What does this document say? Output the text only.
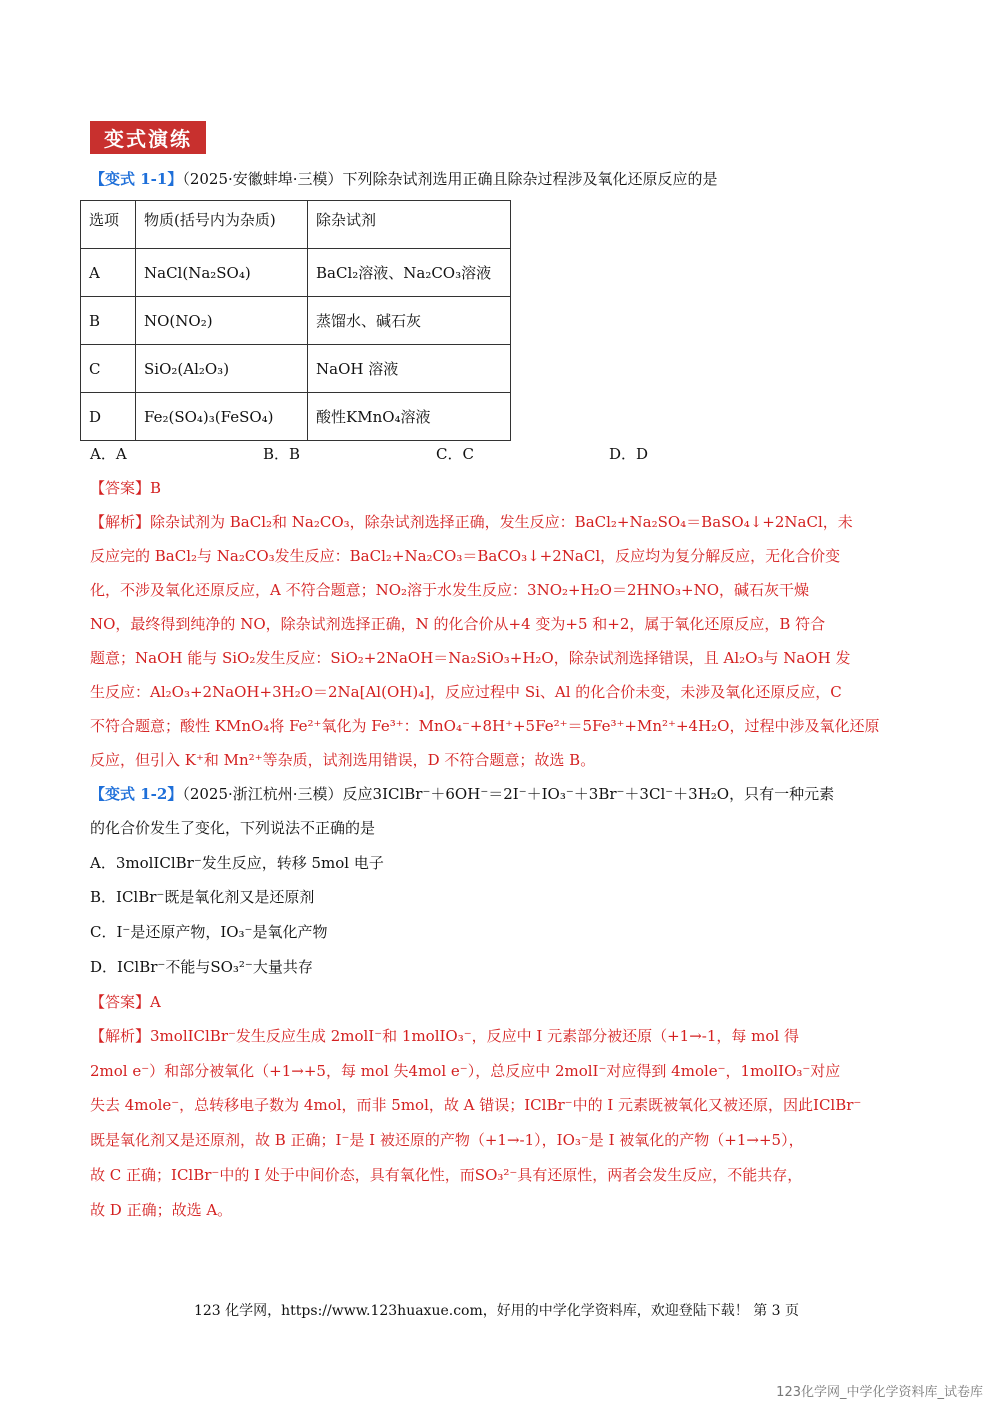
变式演练
【变式 1-1】（2025·安徽蚌埠·三模）下列除杂试剂选用正确且除杂过程涉及氧化还原反应的是
选项	物质(括号内为杂质)	除杂试剂
A	NaCl(Na₂SO₄)	BaCl₂溶液、Na₂CO₃溶液
B	NO(NO₂)	蒸馏水、碱石灰
C	SiO₂(Al₂O₃)	NaOH 溶液
D	Fe₂(SO₄)₃(FeSO₄)	酸性KMnO₄溶液
A．A	B．B	C．C	D．D
【答案】B
【解析】除杂试剂为 BaCl₂和 Na₂CO₃，除杂试剂选择正确，发生反应：BaCl₂+Na₂SO₄＝BaSO₄↓+2NaCl，未
反应完的 BaCl₂与 Na₂CO₃发生反应：BaCl₂+Na₂CO₃＝BaCO₃↓+2NaCl，反应均为复分解反应，无化合价变
化，不涉及氧化还原反应，A 不符合题意；NO₂溶于水发生反应：3NO₂+H₂O＝2HNO₃+NO，碱石灰干燥
NO，最终得到纯净的 NO，除杂试剂选择正确，N 的化合价从+4 变为+5 和+2，属于氧化还原反应，B 符合
题意；NaOH 能与 SiO₂发生反应：SiO₂+2NaOH＝Na₂SiO₃+H₂O，除杂试剂选择错误，且 Al₂O₃与 NaOH 发
生反应：Al₂O₃+2NaOH+3H₂O＝2Na[Al(OH)₄]，反应过程中 Si、Al 的化合价未变，未涉及氧化还原反应，C
不符合题意；酸性 KMnO₄将 Fe²⁺氧化为 Fe³⁺：MnO₄⁻+8H⁺+5Fe²⁺＝5Fe³⁺+Mn²⁺+4H₂O，过程中涉及氧化还原
反应，但引入 K⁺和 Mn²⁺等杂质，试剂选用错误，D 不符合题意；故选 B。
【变式 1-2】（2025·浙江杭州·三模）反应3IClBr⁻＋6OH⁻＝2I⁻＋IO₃⁻＋3Br⁻＋3Cl⁻＋3H₂O，只有一种元素
的化合价发生了变化，下列说法不正确的是
A．3molIClBr⁻发生反应，转移 5mol 电子
B．IClBr⁻既是氧化剂又是还原剂
C．I⁻是还原产物，IO₃⁻是氧化产物
D．IClBr⁻不能与SO₃²⁻大量共存
【答案】A
【解析】3molIClBr⁻发生反应生成 2molI⁻和 1molIO₃⁻，反应中 I 元素部分被还原（+1→-1，每 mol 得
2mol e⁻）和部分被氧化（+1→+5，每 mol 失4mol e⁻），总反应中 2molI⁻对应得到 4mole⁻，1molIO₃⁻对应
失去 4mole⁻，总转移电子数为 4mol，而非 5mol，故 A 错误；IClBr⁻中的 I 元素既被氧化又被还原，因此IClBr⁻
既是氧化剂又是还原剂，故 B 正确；I⁻是 I 被还原的产物（+1→-1），IO₃⁻是 I 被氧化的产物（+1→+5），
故 C 正确；IClBr⁻中的 I 处于中间价态，具有氧化性，而SO₃²⁻具有还原性，两者会发生反应，不能共存，
故 D 正确；故选 A。
123 化学网，https://www.123huaxue.com，好用的中学化学资料库，欢迎登陆下载！ 第 3 页
123化学网_中学化学资料库_试卷库
